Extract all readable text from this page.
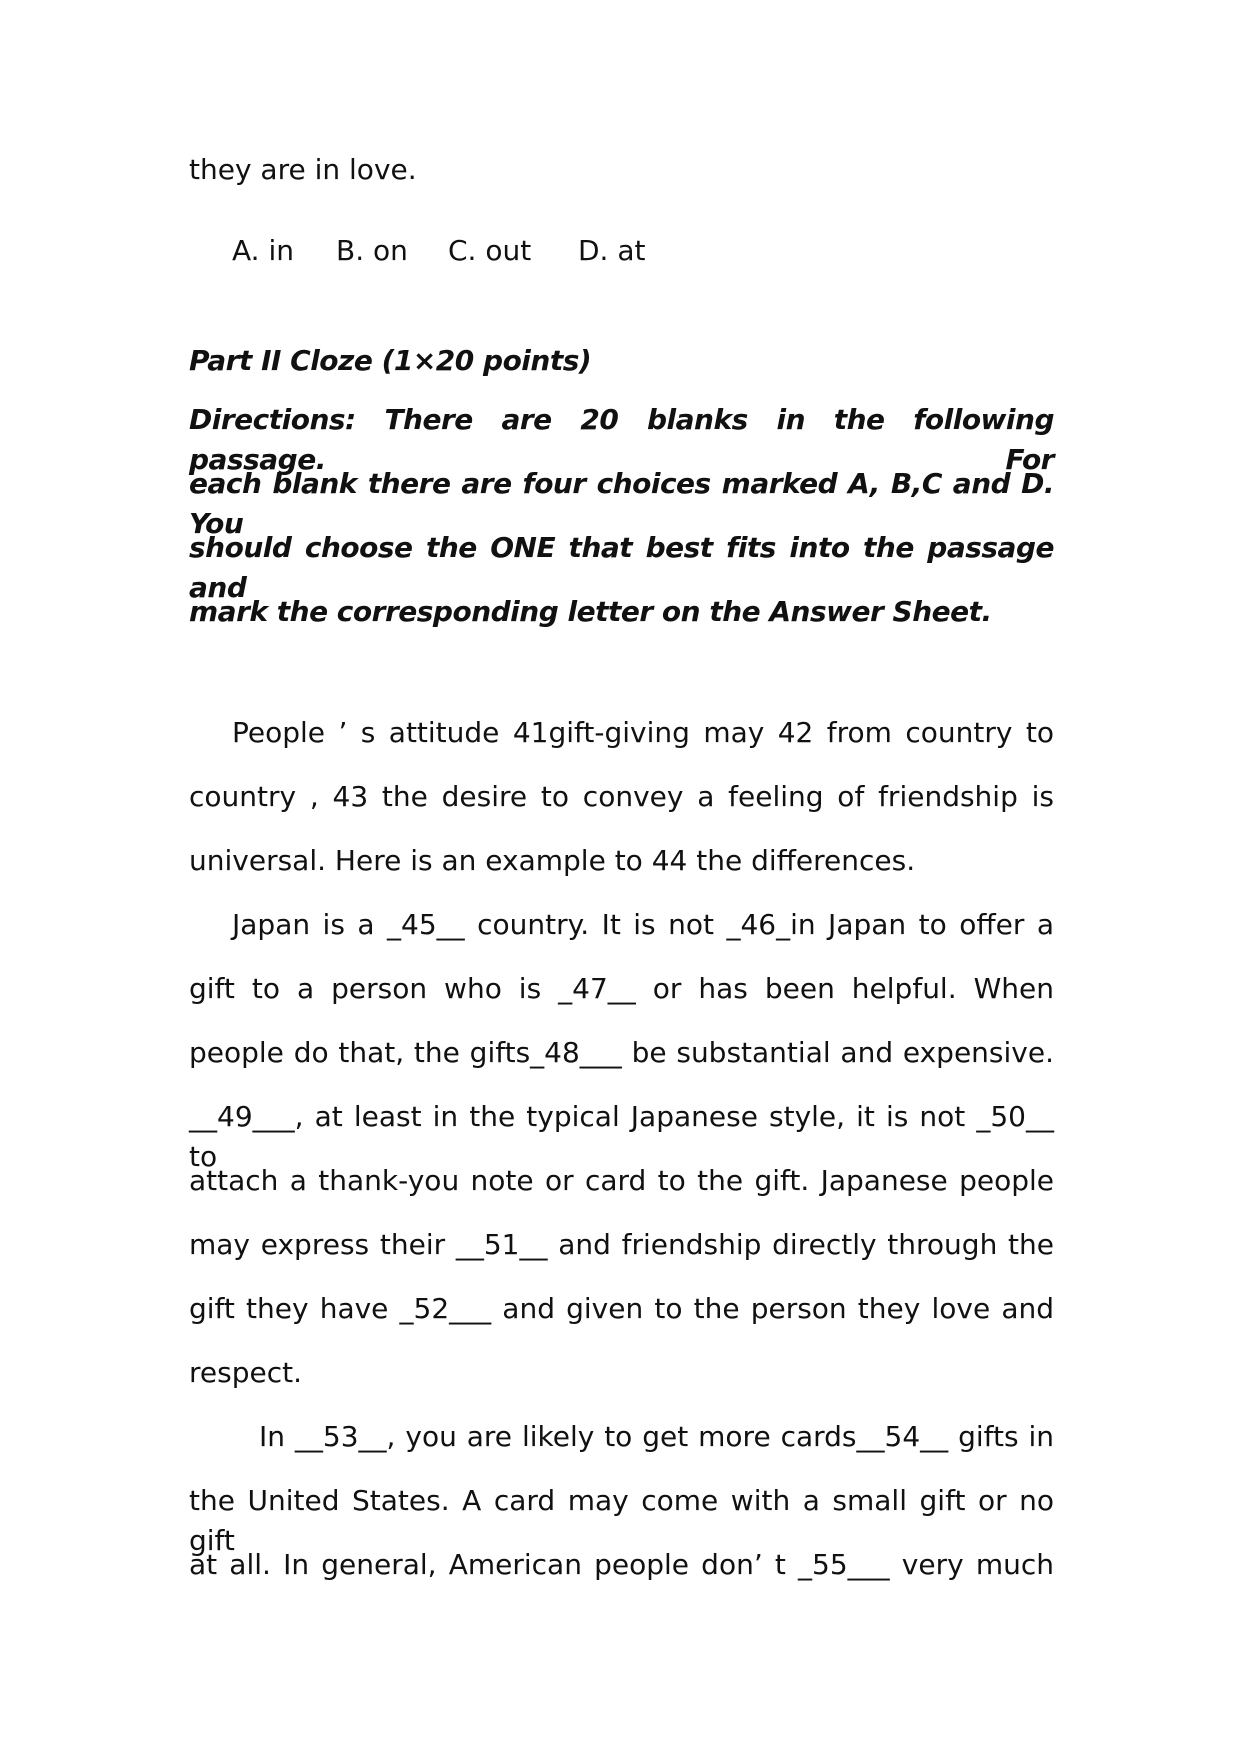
they are in love.
A. in B. on C. out D. at
Part II Cloze (1×20 points)
Directions: There are 20 blanks in the following passage. For
each blank there are four choices marked A, B,C and D. You
should choose the ONE that best fits into the passage and
mark the corresponding letter on the Answer Sheet.
People ’ s attitude 41gift-giving may 42 from country to
country , 43 the desire to convey a feeling of friendship is
universal. Here is an example to 44 the differences.
Japan is a _45__ country. It is not _46_in Japan to offer a
gift to a person who is _47__ or has been helpful. When
people do that, the gifts_48___ be substantial and expensive.
__49___, at least in the typical Japanese style, it is not _50__ to
attach a thank-you note or card to the gift. Japanese people
may express their __51__ and friendship directly through the
gift they have _52___ and given to the person they love and
respect.
In __53__, you are likely to get more cards__54__ gifts in
the United States. A card may come with a small gift or no gift
at all. In general, American people don’ t _55___ very much
